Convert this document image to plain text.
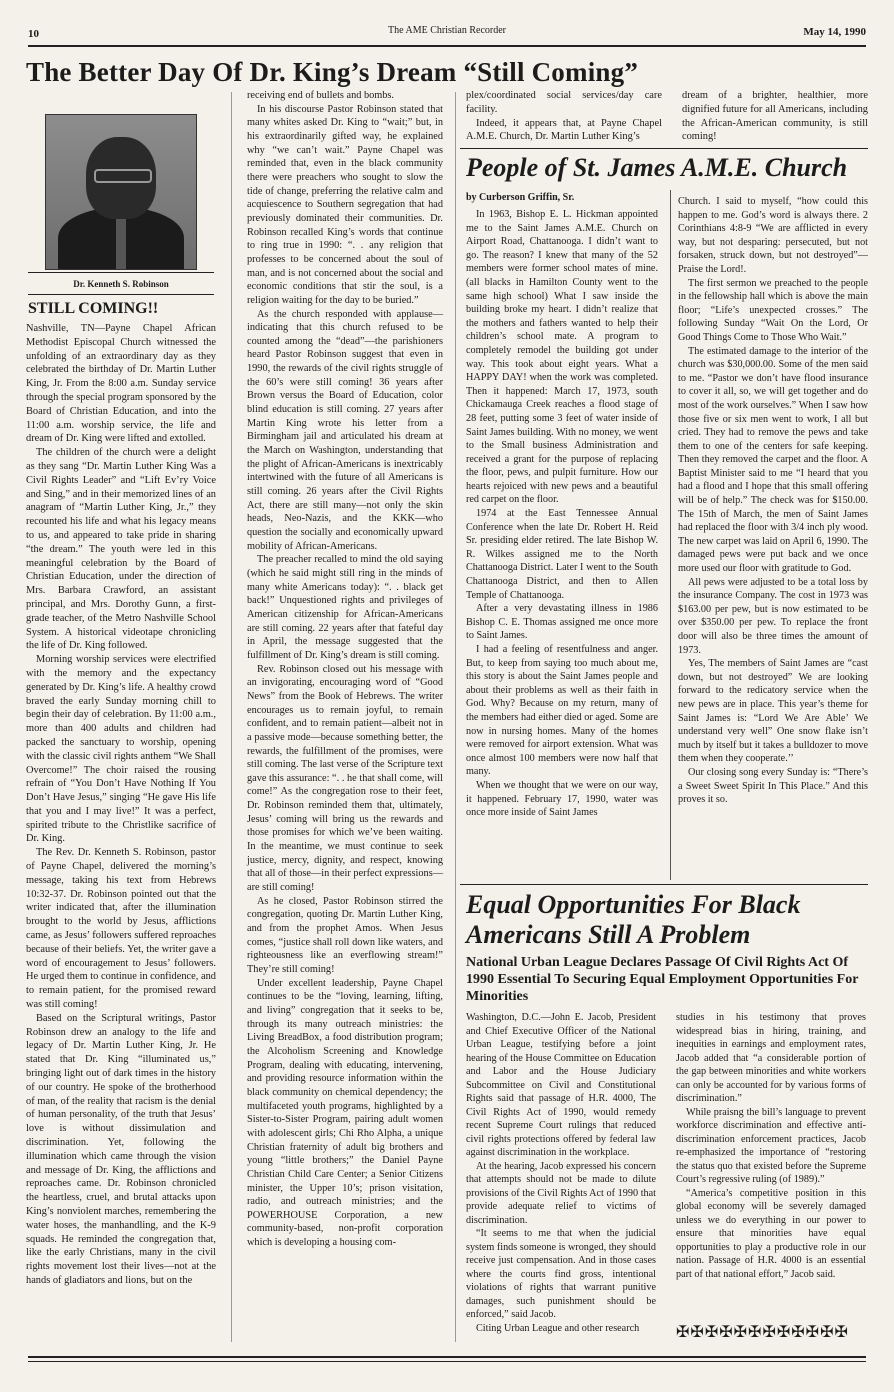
10	The AME Christian Recorder	May 14, 1990
The Better Day Of Dr. King’s Dream “Still Coming”
Dr. Kenneth S. Robinson
STILL COMING!!

Nashville, TN—Payne Chapel African Methodist Episcopal Church witnessed the unfolding of an extraordinary day as they celebrated the birthday of Dr. Martin Luther King, Jr. From the 8:00 a.m. Sunday service through the special program sponsored by the Board of Christian Education, and into the 11:00 a.m. worship service, the life and dream of Dr. King were lifted and extolled.

The children of the church were a delight as they sang “Dr. Martin Luther King Was a Civil Rights Leader” and “Lift Ev’ry Voice and Sing,” and in their memorized lines of an anagram of “Martin Luther King, Jr.,” they recounted his life and what his legacy means to us, and appeared to take pride in sharing “the dream.” The youth were led in this meaningful celebration by the Board of Christian Education, under the direction of Mrs. Barbara Crawford, an assistant principal, and Mrs. Dorothy Gunn, a first-grade teacher, of the Metro Nashville School System. A historical videotape chronicling the life of Dr. King followed.

Morning worship services were electrified with the memory and the expectancy generated by Dr. King’s life. A healthy crowd braved the early Sunday morning chill to begin their day of celebration. By 11:00 a.m., more than 400 adults and children had packed the sanctuary to worship, opening with the classic civil rights anthem “We Shall Overcome!” The choir raised the rousing refrain of “You Don’t Have Nothing If You Don’t Have Jesus,” singing “He gave His life that you and I may live!” It was a perfect, spirited tribute to the Christlike sacrifice of Dr. King.

The Rev. Dr. Kenneth S. Robinson, pastor of Payne Chapel, delivered the morning’s message, taking his text from Hebrews 10:32-37. Dr. Robinson pointed out that the writer indicated that, after the illumination brought to the world by Jesus, afflictions came, as Jesus’ followers suffered reproaches because of their beliefs. Yet, the writer gave a word of encouragement to Jesus’ followers. He urged them to continue in confidence, and to remain patient, for the promised reward was still coming!

Based on the Scriptural writings, Pastor Robinson drew an analogy to the life and legacy of Dr. Martin Luther King, Jr. He stated that Dr. King “illuminated us,” bringing light out of dark times in the history of our country. He spoke of the brotherhood of man, of the reality that racism is the denial of human personality, of the truth that Jesus’ love is without dissimulation and discrimination. Yet, following the illumination which came through the vision and message of Dr. King, the afflictions and reproaches came. Dr. Robinson chronicled the heartless, cruel, and brutal attacks upon King’s nonviolent marches, remembering the water hoses, the manhandling, and the K-9 squads. He reminded the congregation that, like the early Christians, many in the civil rights movement lost their lives—not at the hands of gladiators and lions, but on the

receiving end of bullets and bombs.

In his discourse Pastor Robinson stated that many whites asked Dr. King to “wait;” but, in his extraordinarily gifted way, he explained why “we can’t wait.” Payne Chapel was reminded that, even in the black community there were preachers who sought to slow the tide of change, preferring the relative calm and acquiescence to Southern segregation that had previously dominated their communities. Dr. Robinson recalled King’s words that continue to ring true in 1990: “. . any religion that professes to be concerned about the soul of man, and is not concerned about the social and economic conditions that stir the soul, is a religion waiting for the day to be buried.”

As the church responded with applause—indicating that this church refused to be counted among the “dead”—the parishioners heard Pastor Robinson suggest that even in 1990, the rewards of the civil rights struggle of the 60’s were still coming! 36 years after Brown versus the Board of Education, color blind education is still coming. 27 years after Martin King wrote his letter from a Birmingham jail and articulated his dream at the March on Washington, understanding that the plight of African-Americans is inextricably intertwined with the future of all Americans is still coming. 26 years after the Civil Rights Act, there are still many—not only the skin heads, Neo-Nazis, and the KKK—who question the socially and economically upward mobility of African-Americans.

The preacher recalled to mind the old saying (which he said might still ring in the minds of many white Americans today): “. . black get back!” Unquestioned rights and privileges of American citizenship for African-Americans are still coming. 22 years after that fateful day in April, the message suggested that the fulfillment of Dr. King’s dream is still coming.

Rev. Robinson closed out his message with an invigorating, encouraging word of “Good News” from the Book of Hebrews. The writer encourages us to remain joyful, to remain confident, and to remain patient—albeit not in a passive mode—because something better, the rewards, the fulfillment of the promises, were still coming. The last verse of the Scripture text gave this assurance: “. . he that shall come, will come!” As the congregation rose to their feet, Dr. Robinson reminded them that, ultimately, Jesus’ coming will bring us the rewards and those promises for which we’ve been waiting. In the meantime, we must continue to seek justice, mercy, dignity, and respect, knowing that all of those—in their perfect expressions—are still coming!

As he closed, Pastor Robinson stirred the congregation, quoting Dr. Martin Luther King, and from the prophet Amos. When Jesus comes, “justice shall roll down like waters, and righteousness like an everflowing stream!” They’re still coming!

Under excellent leadership, Payne Chapel continues to be the “loving, learning, lifting, and living” congregation that it seeks to be, through its many outreach ministries: the Living BreadBox, a food distribution program; the Alcoholism Screening and Knowledge Program, dealing with educating, intervening, and providing resource information within the black community on chemical dependency; the multifaceted youth programs, highlighted by a Sister-to-Sister Program, pairing adult women with adolescent girls; Chi Rho Alpha, a unique Christian fraternity of adult big brothers and young “little brothers;” the Daniel Payne Christian Child Care Center; a Senior Citizens minister, the Upper 10’s; prison visitation, radio, and outreach ministries; and the POWERHOUSE Corporation, a new community-based, non-profit corporation which is developing a housing com-

plex/coordinated social services/day care facility.

Indeed, it appears that, at Payne Chapel A.M.E. Church, Dr. Martin Luther King’s

dream of a brighter, healthier, more dignified future for all Americans, including the African-American community, is still coming!

People of St. James A.M.E. Church
by Curberson Griffin, Sr.

In 1963, Bishop E. L. Hickman appointed me to the Saint James A.M.E. Church on Airport Road, Chattanooga. I didn’t want to go. The reason? I knew that many of the 52 members were former school mates of mine. (all blacks in Hamilton County went to the same high school) What I saw inside the building broke my heart. I didn’t realize that the mothers and fathers wanted to help their children’s school mate. A program to completely remodel the building got under way. This took about eight years. What a HAPPY DAY! when the work was completed. Then it happened: March 17, 1973, south Chickamauga Creek reaches a flood stage of 28 feet, putting some 3 feet of water inside of Saint James building. With no money, we went to the Small business Administration and received a grant for the purpose of replacing the floor, pews, and pulpit furniture. How our hearts rejoiced with new pews and a beautiful red carpet on the floor.

1974 at the East Tennessee Annual Conference when the late Dr. Robert H. Reid Sr. presiding elder retired. The late Bishop W. R. Wilkes assigned me to the North Chattanooga District. Later I went to the South Chattanooga District, and then to Allen Temple of Chattanooga.

After a very devastating illness in 1986 Bishop C. E. Thomas assigned me once more to Saint James.

I had a feeling of resentfulness and anger. But, to keep from saying too much about me, this story is about the Saint James people and about their problems as well as their faith in God. Why? Because on my return, many of the members had either died or aged. Some are now in nursing homes. Many of the homes were removed for airport extension. What was once almost 100 members were now half that many.

When we thought that we were on our way, it happened. February 17, 1990, water was once more inside of Saint James

Church. I said to myself, “how could this happen to me. God’s word is always there. 2 Corinthians 4:8-9 “We are afflicted in every way, but not desparing: persecuted, but not forsaken, struck down, but not destroyed”—Praise the Lord!.

The first sermon we preached to the people in the fellowship hall which is above the main floor; “Life’s unexpected crosses.” The following Sunday “Wait On the Lord, Or Good Things Come to Those Who Wait.”

The estimated damage to the interior of the church was $30,000.00. Some of the men said to me. “Pastor we don’t have flood insurance to cover it all, so, we will get together and do most of the work ourselves.” When I saw how those five or six men went to work, I all but cried. They had to remove the pews and take them to one of the centers for safe keeping. Then they removed the carpet and the floor. A Baptist Minister said to me “I heard that you had a flood and I hope that this small offering will be of help.” The check was for $150.00. The 15th of March, the men of Saint James had replaced the floor with 3/4 inch ply wood. The new carpet was laid on April 6, 1990. The damaged pews were put back and we once more used our floor with gratitude to God.

All pews were adjusted to be a total loss by the insurance Company. The cost in 1973 was $163.00 per pew, but is now estimated to be over $350.00 per pew. To replace the front door will also be three times the amount of 1973.

Yes, The members of Saint James are “cast down, but not destroyed” We are looking forward to the redicatory service when the new pews are in place. This year’s theme for Saint James is: “Lord We Are Able’ We understand very well” One snow flake isn’t much by itself but it takes a bulldozer to move them when they cooperate.’’

Our closing song every Sunday is: “There’s a Sweet Sweet Spirit In This Place.” And this proves it so.

Equal Opportunities For Black
Americans Still A Problem
National Urban League Declares Passage Of Civil Rights Act Of 1990 Essential To Securing Equal Employment Opportunities For Minorities

Washington, D.C.—John E. Jacob, President and Chief Executive Officer of the National Urban League, testifying before a joint hearing of the House Committee on Education and Labor and the House Judiciary Subcommittee on Civil and Constitutional Rights said that passage of H.R. 4000, The Civil Rights Act of 1990, would remedy recent Supreme Court rulings that reduced civil rights protections offered by federal law against discrimination in the workplace.

At the hearing, Jacob expressed his concern that attempts should not be made to dilute provisions of the Civil Rights Act of 1990 that provide adequate relief to victims of discrimination.

“It seems to me that when the judicial system finds someone is wronged, they should receive just compensation. And in those cases where the courts find gross, intentional violations of rights that warrant punitive damages, such punishment should be enforced,” said Jacob.

Citing Urban League and other research

studies in his testimony that proves widespread bias in hiring, training, and inequities in earnings and employment rates, Jacob added that “a considerable portion of the gap between minorities and white workers can only be accounted for by various forms of discrimination.”

While praisng the bill’s language to prevent workforce discrimination and effective anti-discrimination enforcement practices, Jacob re-emphasized the importance of “restoring the status quo that existed before the Supreme Court’s regressive ruling (of 1989).”

“America’s competitive position in this global economy will be severely damaged unless we do everything in our power to ensure that minorities have equal opportunities to play a productive role in our nation. Passage of H.R. 4000 is an essential part of that national effort,” Jacob said.

✠✠✠✠✠✠✠✠✠✠✠✠
